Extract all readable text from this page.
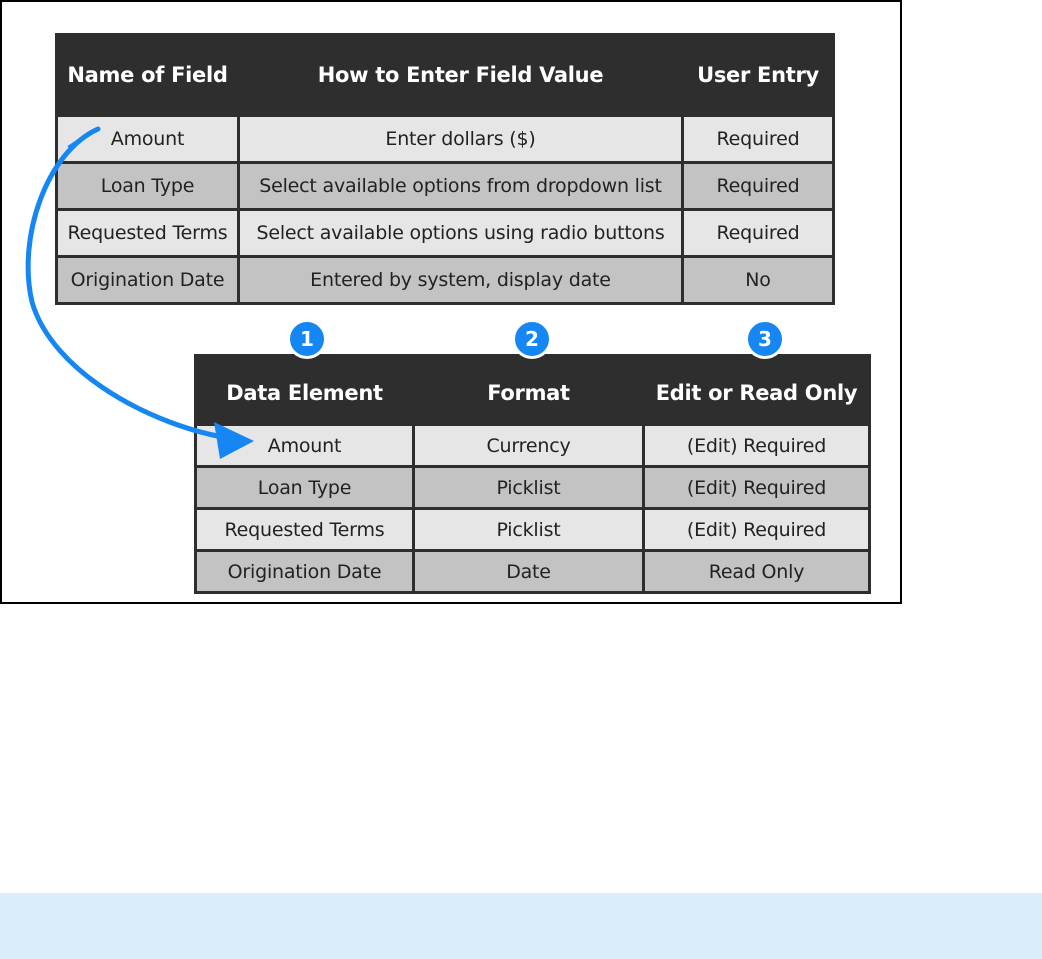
Name of Field	How to Enter Field Value	User Entry
Amount	Enter dollars ($)	Required
Loan Type	Select available options from dropdown list	Required
Requested Terms	Select available options using radio buttons	Required
Origination Date	Entered by system, display date	No
Data Element	Format	Edit or Read Only
Amount	Currency	(Edit) Required
Loan Type	Picklist	(Edit) Required
Requested Terms	Picklist	(Edit) Required
Origination Date	Date	Read Only
1	2	3
